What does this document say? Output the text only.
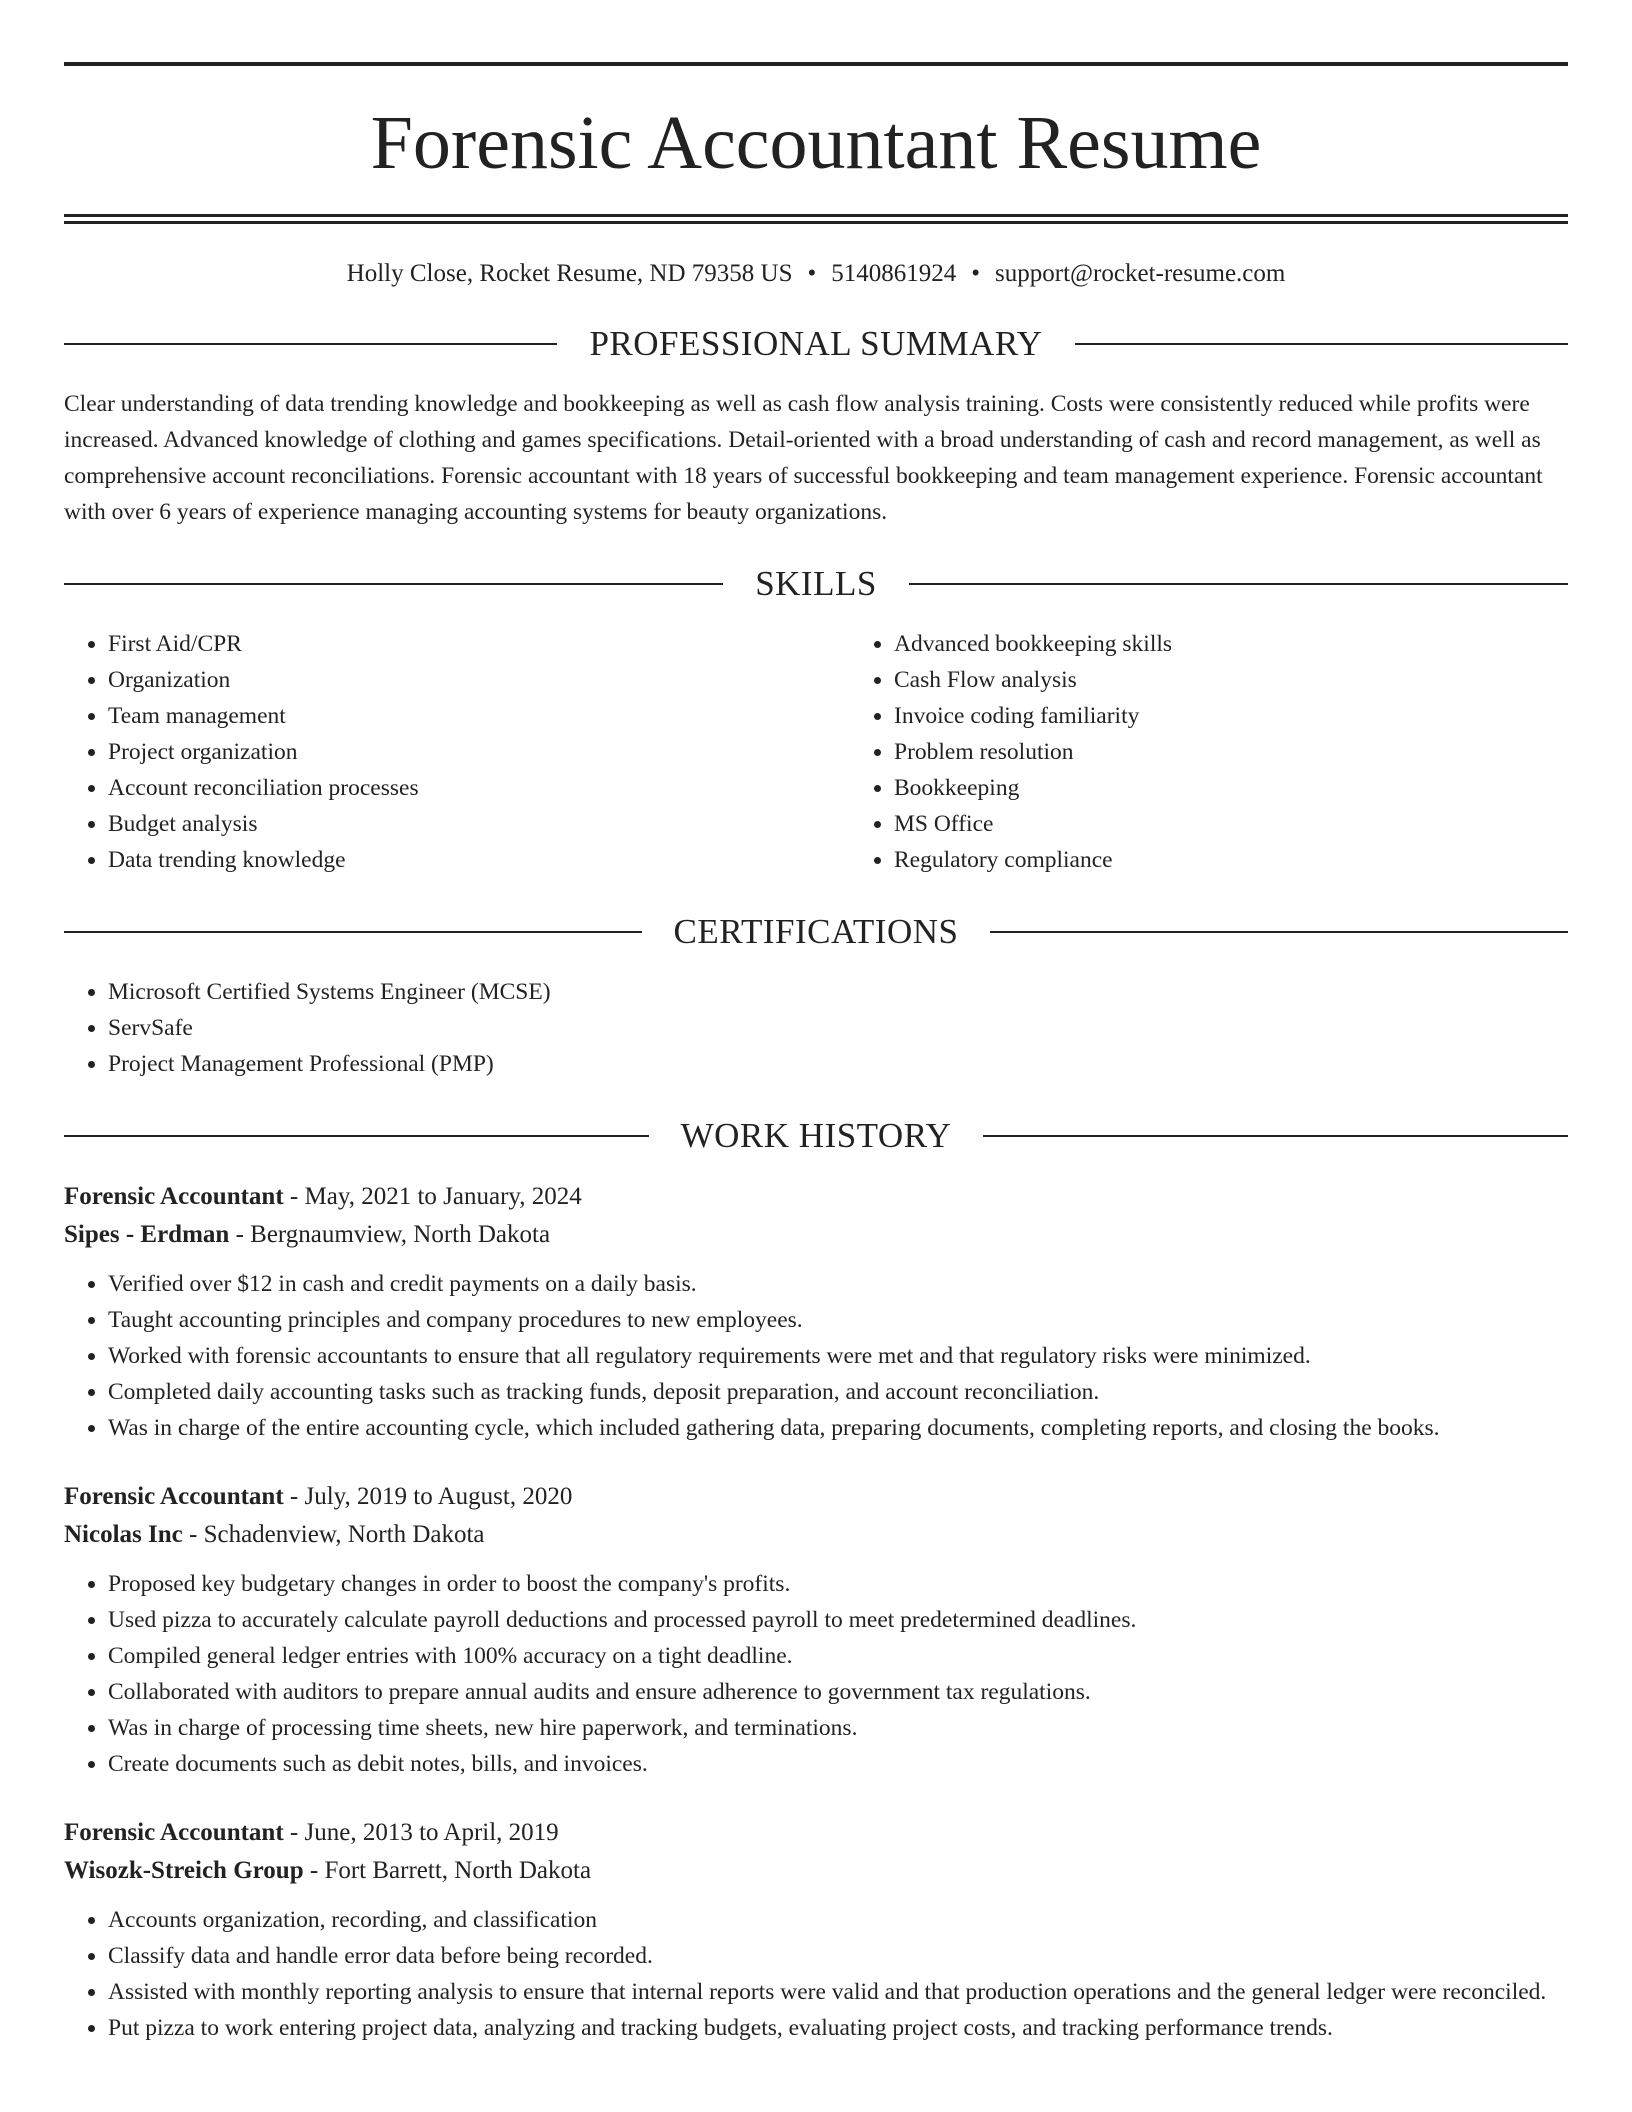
Forensic Accountant Resume
Holly Close, Rocket Resume, ND 79358 US • 5140861924 • support@rocket-resume.com
PROFESSIONAL SUMMARY

Clear understanding of data trending knowledge and bookkeeping as well as cash flow analysis training. Costs were consistently reduced while profits were increased. Advanced knowledge of clothing and games specifications. Detail-oriented with a broad understanding of cash and record management, as well as comprehensive account reconciliations. Forensic accountant with 18 years of successful bookkeeping and team management experience. Forensic accountant with over 6 years of experience managing accounting systems for beauty organizations.

SKILLS
• First Aid/CPR
• Organization
• Team management
• Project organization
• Account reconciliation processes
• Budget analysis
• Data trending knowledge
• Advanced bookkeeping skills
• Cash Flow analysis
• Invoice coding familiarity
• Problem resolution
• Bookkeeping
• MS Office
• Regulatory compliance
CERTIFICATIONS
• Microsoft Certified Systems Engineer (MCSE)
• ServSafe
• Project Management Professional (PMP)
WORK HISTORY
Forensic Accountant - May, 2021 to January, 2024
Sipes - Erdman - Bergnaumview, North Dakota
• Verified over $12 in cash and credit payments on a daily basis.
• Taught accounting principles and company procedures to new employees.
• Worked with forensic accountants to ensure that all regulatory requirements were met and that regulatory risks were minimized.
• Completed daily accounting tasks such as tracking funds, deposit preparation, and account reconciliation.
• Was in charge of the entire accounting cycle, which included gathering data, preparing documents, completing reports, and closing the books.
Forensic Accountant - July, 2019 to August, 2020
Nicolas Inc - Schadenview, North Dakota
• Proposed key budgetary changes in order to boost the company's profits.
• Used pizza to accurately calculate payroll deductions and processed payroll to meet predetermined deadlines.
• Compiled general ledger entries with 100% accuracy on a tight deadline.
• Collaborated with auditors to prepare annual audits and ensure adherence to government tax regulations.
• Was in charge of processing time sheets, new hire paperwork, and terminations.
• Create documents such as debit notes, bills, and invoices.
Forensic Accountant - June, 2013 to April, 2019
Wisozk-Streich Group - Fort Barrett, North Dakota
• Accounts organization, recording, and classification
• Classify data and handle error data before being recorded.
• Assisted with monthly reporting analysis to ensure that internal reports were valid and that production operations and the general ledger were reconciled.
• Put pizza to work entering project data, analyzing and tracking budgets, evaluating project costs, and tracking performance trends.
